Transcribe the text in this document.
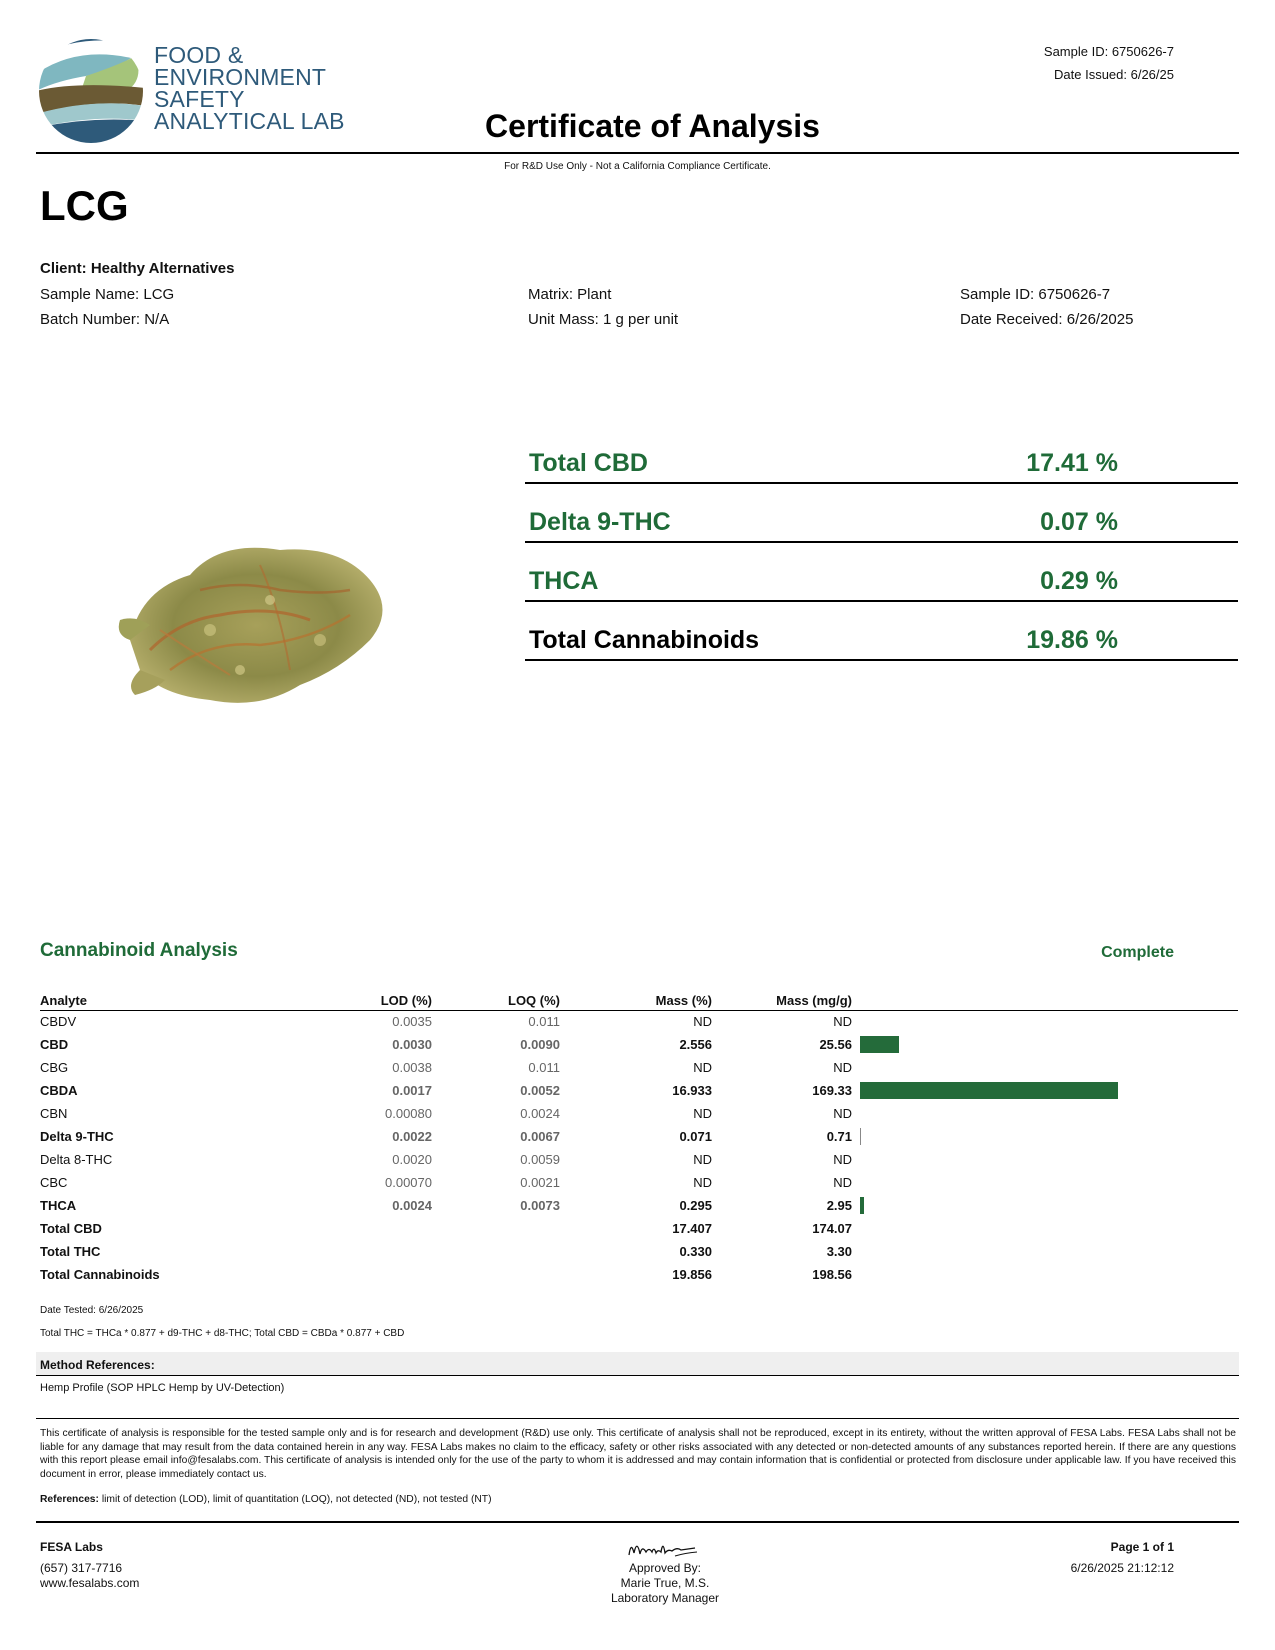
FOOD &
ENVIRONMENT
SAFETY
ANALYTICAL LAB	Certificate of Analysis
Sample ID: 6750626-7
Date Issued: 6/26/25
For R&D Use Only - Not a California Compliance Certificate.
LCG
Client: Healthy Alternatives
Sample Name: LCG
Batch Number: N/A
Matrix: Plant
Unit Mass: 1 g per unit
Sample ID: 6750626-7
Date Received: 6/26/2025
Total CBD	17.41 %
Delta 9-THC	0.07 %
THCA	0.29 %
Total Cannabinoids	19.86 %
Cannabinoid Analysis	Complete
Analyte	LOD (%)	LOQ (%)	Mass (%)	Mass (mg/g)	
CBDV	0.0035	0.011	ND	ND	
CBD	0.0030	0.0090	2.556	25.56	
CBG	0.0038	0.011	ND	ND	
CBDA	0.0017	0.0052	16.933	169.33	
CBN	0.00080	0.0024	ND	ND	
Delta 9-THC	0.0022	0.0067	0.071	0.71	
Delta 8-THC	0.0020	0.0059	ND	ND	
CBC	0.00070	0.0021	ND	ND	
THCA	0.0024	0.0073	0.295	2.95	
Total CBD			17.407	174.07	
Total THC			0.330	3.30	
Total Cannabinoids			19.856	198.56	
Date Tested: 6/26/2025
Total THC = THCa * 0.877 + d9-THC + d8-THC; Total CBD = CBDa * 0.877 + CBD
Method References:
Hemp Profile (SOP HPLC Hemp by UV-Detection)
This certificate of analysis is responsible for the tested sample only and is for research and development (R&D) use only. This certificate of analysis shall not be reproduced, except in its entirety, without the written approval of FESA Labs. FESA Labs shall not be liable for any damage that may result from the data contained herein in any way. FESA Labs makes no claim to the efficacy, safety or other risks associated with any detected or non-detected amounts of any substances reported herein. If there are any questions with this report please email info@fesalabs.com. This certificate of analysis is intended only for the use of the party to whom it is addressed and may contain information that is confidential or protected from disclosure under applicable law. If you have received this document in error, please immediately contact us.
References: limit of detection (LOD), limit of quantitation (LOQ), not detected (ND), not tested (NT)
FESA Labs
(657) 317-7716
www.fesalabs.com
Approved By:
Marie True, M.S.
Laboratory Manager
Page 1 of 1
6/26/2025 21:12:12
